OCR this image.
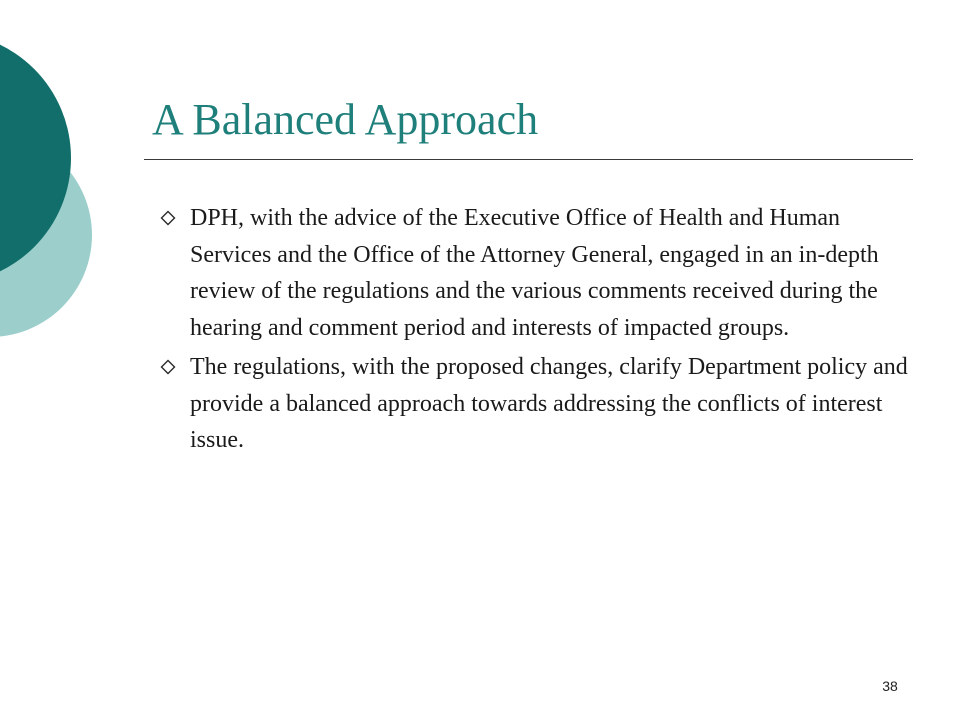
A Balanced Approach
DPH, with the advice of the Executive Office of Health and Human Services and the Office of the Attorney General, engaged in an in-depth review of the regulations and the various comments received during the hearing and comment period and interests of impacted groups.
The regulations, with the proposed changes, clarify Department policy and provide a balanced approach towards addressing the conflicts of interest issue.
38
